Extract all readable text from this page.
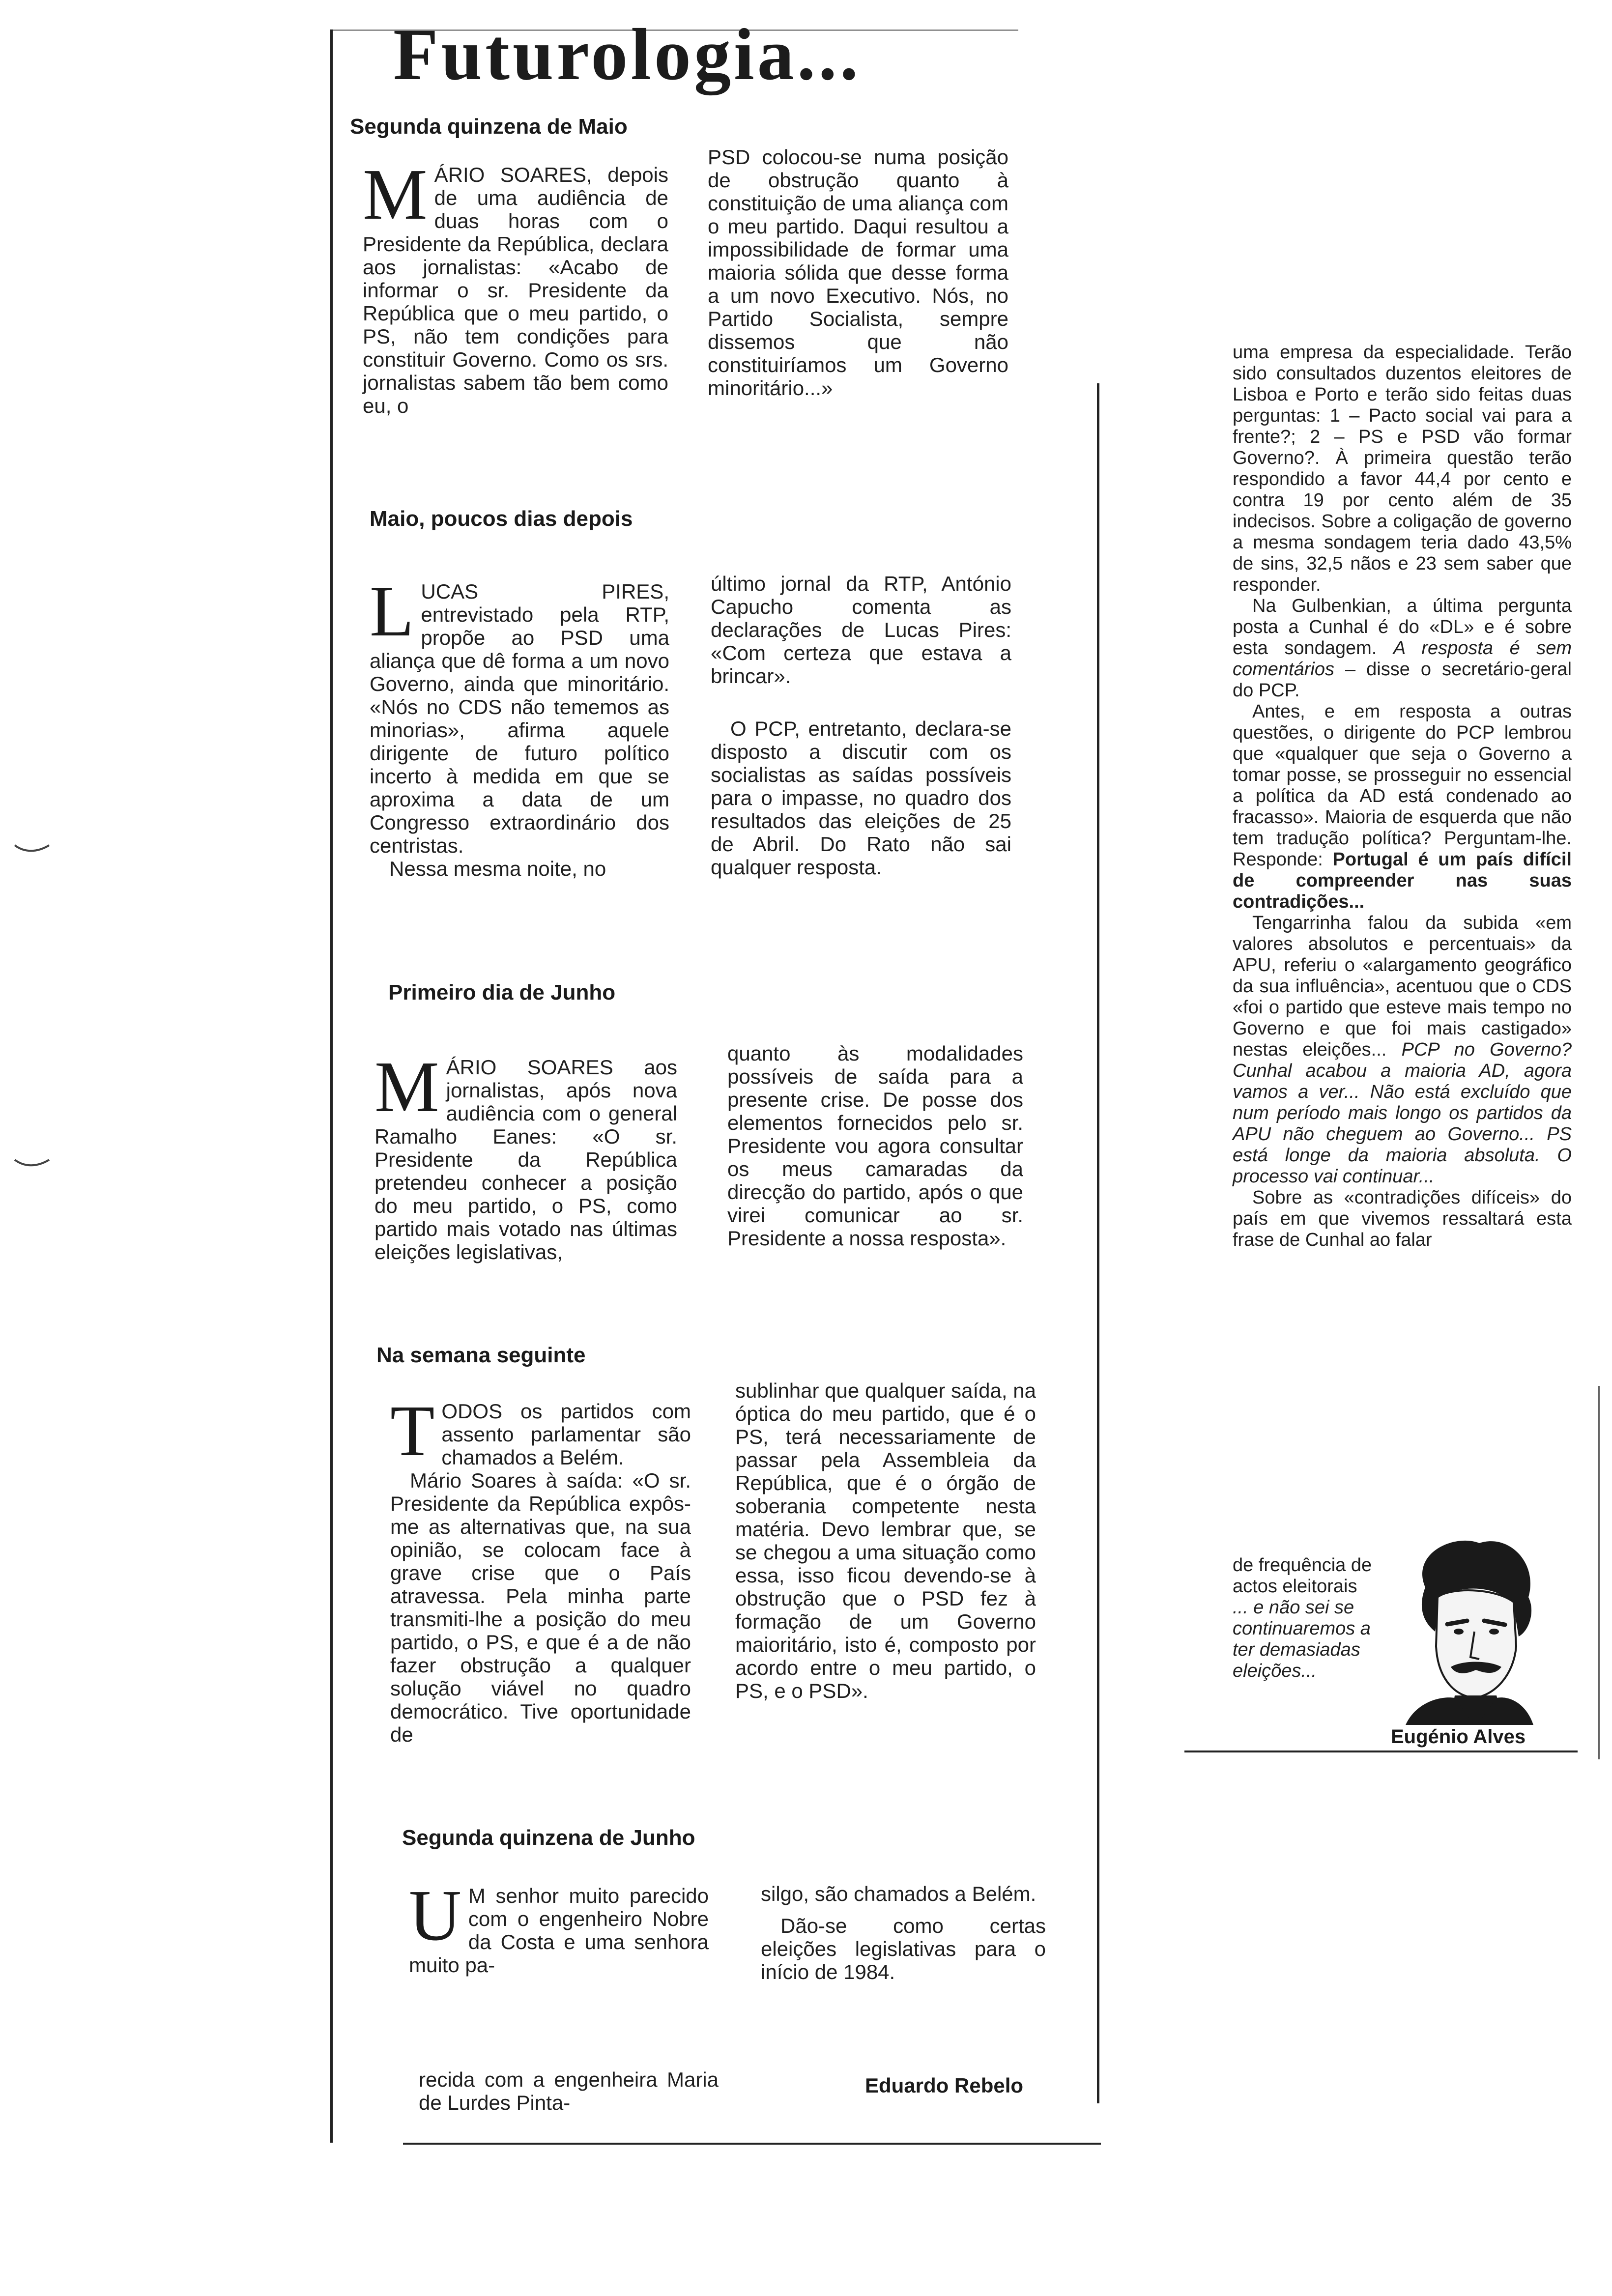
Futurologia...
Segunda quinzena de Maio
M ÁRIO SOARES, depois de uma audiência de duas horas com o Presidente da República, declara aos jornalistas: «Acabo de informar o sr. Presidente da República que o meu partido, o PS, não tem condições para constituir Governo. Como os srs. jornalistas sabem tão bem como eu, o

PSD colocou-se numa posição de obstrução quanto à constituição de uma aliança com o meu partido. Daqui resultou a impossibilidade de formar uma maioria sólida que desse forma a um novo Executivo. Nós, no Partido Socialista, sempre dissemos que não constituiríamos um Governo minoritário...»

Maio, poucos dias depois
L UCAS PIRES, entrevistado pela RTP, propõe ao PSD uma aliança que dê forma a um novo Governo, ainda que minoritário. «Nós no CDS não tememos as minorias», afirma aquele dirigente de futuro político incerto à medida em que se aproxima a data de um Congresso extraordinário dos centristas.

Nessa mesma noite, no

último jornal da RTP, António Capucho comenta as declarações de Lucas Pires: «Com certeza que estava a brincar».

O PCP, entretanto, declara-se disposto a discutir com os socialistas as saídas possíveis para o impasse, no quadro dos resultados das eleições de 25 de Abril. Do Rato não sai qualquer resposta.

Primeiro dia de Junho
M ÁRIO SOARES aos jornalistas, após nova audiência com o general Ramalho Eanes: «O sr. Presidente da República pretendeu conhecer a posição do meu partido, o PS, como partido mais votado nas últimas eleições legislativas,

quanto às modalidades possíveis de saída para a presente crise. De posse dos elementos fornecidos pelo sr. Presidente vou agora consultar os meus camaradas da direcção do partido, após o que virei comunicar ao sr. Presidente a nossa resposta».

Na semana seguinte
T ODOS os partidos com assento parlamentar são chamados a Belém.

Mário Soares à saída: «O sr. Presidente da República expôs-me as alternativas que, na sua opinião, se colocam face à grave crise que o País atravessa. Pela minha parte transmiti-lhe a posição do meu partido, o PS, e que é a de não fazer obstrução a qualquer solução viável no quadro democrático. Tive oportunidade de

sublinhar que qualquer saída, na óptica do meu partido, que é o PS, terá necessariamente de passar pela Assembleia da República, que é o órgão de soberania competente nesta matéria. Devo lembrar que, se se chegou a uma situação como essa, isso ficou devendo-se à obstrução que o PSD fez à formação de um Governo maioritário, isto é, composto por acordo entre o meu partido, o PS, e o PSD».

Segunda quinzena de Junho
U M senhor muito parecido com o engenheiro Nobre da Costa e uma senhora muito pa-

recida com a engenheira Maria de Lurdes Pinta-

silgo, são chamados a Belém.

Dão-se como certas eleições legislativas para o início de 1984.

Eduardo Rebelo

uma empresa da especialidade. Terão sido consultados duzentos eleitores de Lisboa e Porto e terão sido feitas duas perguntas: 1 – Pacto social vai para a frente?; 2 – PS e PSD vão formar Governo?. À primeira questão terão respondido a favor 44,4 por cento e contra 19 por cento além de 35 indecisos. Sobre a coligação de governo a mesma sondagem teria dado 43,5% de sins, 32,5 nãos e 23 sem saber que responder.

Na Gulbenkian, a última pergunta posta a Cunhal é do «DL» e é sobre esta sondagem. A resposta é sem comentários – disse o secretário-geral do PCP.

Antes, e em resposta a outras questões, o dirigente do PCP lembrou que «qualquer que seja o Governo a tomar posse, se prosseguir no essencial a política da AD está condenado ao fracasso». Maioria de esquerda que não tem tradução política? Perguntam-lhe. Responde: Portugal é um país difícil de compreender nas suas contradições...

Tengarrinha falou da subida «em valores absolutos e percentuais» da APU, referiu o «alargamento geográfico da sua influência», acentuou que o CDS «foi o partido que esteve mais tempo no Governo e que foi mais castigado» nestas eleições... PCP no Governo? Cunhal acabou a maioria AD, agora vamos a ver... Não está excluído que num período mais longo os partidos da APU não cheguem ao Governo... PS está longe da maioria absoluta. O processo vai continuar...

Sobre as «contradições difíceis» do país em que vivemos ressaltará esta frase de Cunhal ao falar

de frequência de actos eleitorais

... e não sei se continuaremos a ter demasiadas eleições...

Eugénio Alves
